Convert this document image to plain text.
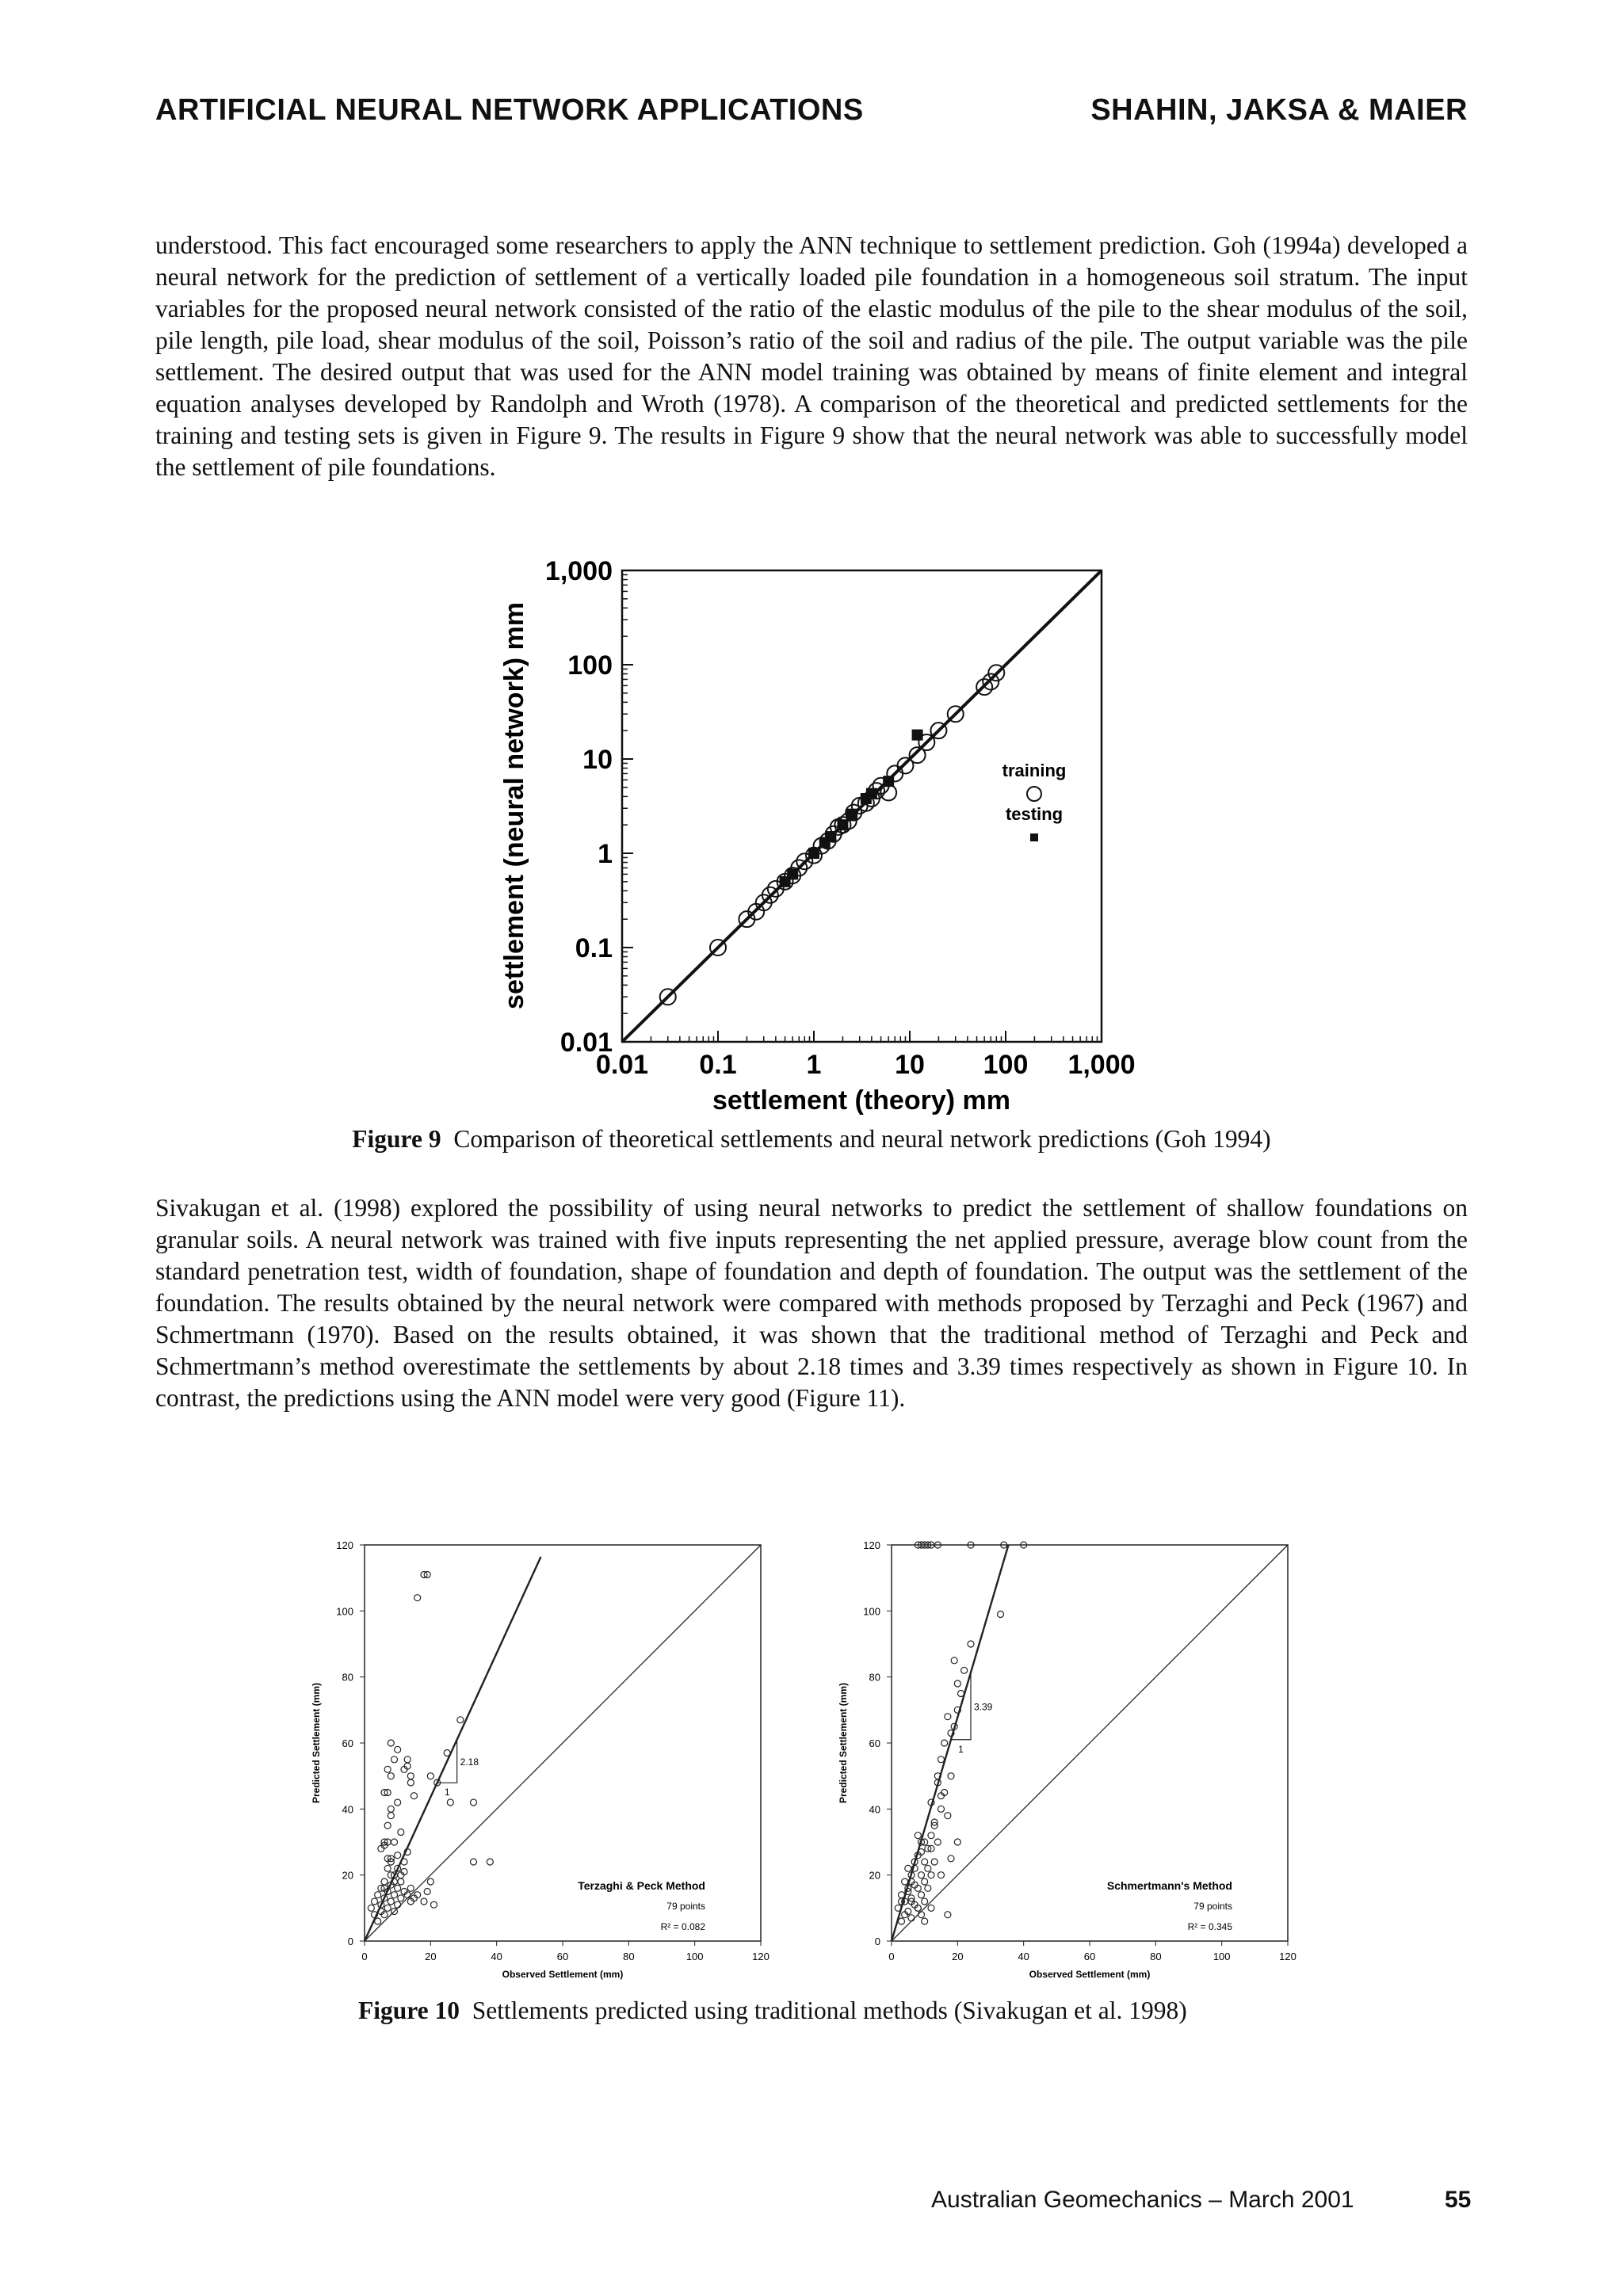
ARTIFICIAL NEURAL NETWORK APPLICATIONS	SHAHIN, JAKSA & MAIER

understood. This fact encouraged some researchers to apply the ANN technique to settlement prediction. Goh (1994a) developed a neural network for the prediction of settlement of a vertically loaded pile foundation in a homogeneous soil stratum. The input variables for the proposed neural network consisted of the ratio of the elastic modulus of the pile to the shear modulus of the soil, pile length, pile load, shear modulus of the soil, Poisson’s ratio of the soil and radius of the pile. The output variable was the pile settlement. The desired output that was used for the ANN model training was obtained by means of finite element and integral equation analyses developed by Randolph and Wroth (1978). A comparison of the theoretical and predicted settlements for the training and testing sets is given in Figure 9. The results in Figure 9 show that the neural network was able to successfully model the settlement of pile foundations.

0.01 0.1	1	10 100 1,000
0.01
0.1
1
10
100
1,000
training
testing
settlement (theory) mm
settlement (neural network) mm

Figure 9 Comparison of theoretical settlements and neural network predictions (Goh 1994)

Sivakugan et al. (1998) explored the possibility of using neural networks to predict the settlement of shallow foundations on granular soils. A neural network was trained with five inputs representing the net applied pressure, average blow count from the standard penetration test, width of foundation, shape of foundation and depth of foundation. The output was the settlement of the foundation. The results obtained by the neural network were compared with methods proposed by Terzaghi and Peck (1967) and Schmertmann (1970). Based on the results obtained, it was shown that the traditional method of Terzaghi and Peck and Schmertmann’s method overestimate the settlements by about 2.18 times and 3.39 times respectively as shown in Figure 10. In contrast, the predictions using the ANN model were very good (Figure 11).

0	20	40	60	80	100	120
0
20
40
60
80
100
120
2.18
1
Terzaghi & Peck Method
79 points
R² = 0.082
Observed Settlement (mm)
Predicted Settlement (mm)
0	20	40	60	80	100	120
0
20
40
60
80
100
120
3.39
1
Schmertmann's Method
79 points
R² = 0.345
Observed Settlement (mm)
Predicted Settlement (mm)

Figure 10 Settlements predicted using traditional methods (Sivakugan et al. 1998)

Australian Geomechanics – March 2001	55
